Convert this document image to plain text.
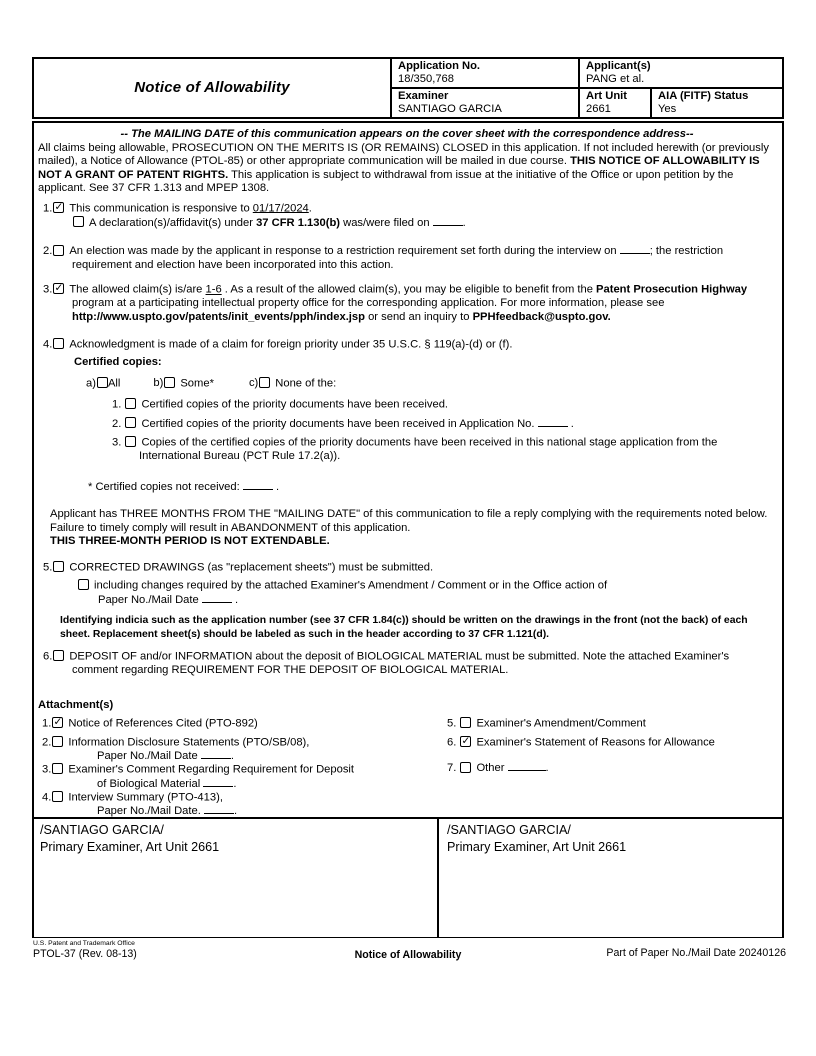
Notice of Allowability
Application No.
18/350,768
Applicant(s)
PANG et al.
Examiner
SANTIAGO GARCIA
Art Unit
2661
AIA (FITF) Status
Yes
-- The MAILING DATE of this communication appears on the cover sheet with the correspondence address--
All claims being allowable, PROSECUTION ON THE MERITS IS (OR REMAINS) CLOSED in this application. If not included herewith (or previously mailed), a Notice of Allowance (PTOL-85) or other appropriate communication will be mailed in due course. THIS NOTICE OF ALLOWABILITY IS NOT A GRANT OF PATENT RIGHTS. This application is subject to withdrawal from issue at the initiative of the Office or upon petition by the applicant. See 37 CFR 1.313 and MPEP 1308.
1. ✓ This communication is responsive to 01/17/2024.
A declaration(s)/affidavit(s) under 37 CFR 1.130(b) was/were filed on	.
2. An election was made by the applicant in response to a restriction requirement set forth during the interview on	; the restriction requirement and election have been incorporated into this action.
3. ✓ The allowed claim(s) is/are 1-6 . As a result of the allowed claim(s), you may be eligible to benefit from the Patent Prosecution Highway program at a participating intellectual property office for the corresponding application. For more information, please see http://www.uspto.gov/patents/init_events/pph/index.jsp or send an inquiry to PPHfeedback@uspto.gov.
4. Acknowledgment is made of a claim for foreign priority under 35 U.S.C. § 119(a)-(d) or (f).
Certified copies:
a) All	b) Some*	c) None of the:
1. Certified copies of the priority documents have been received.
2. Certified copies of the priority documents have been received in Application No.	.
3. Copies of the certified copies of the priority documents have been received in this national stage application from the International Bureau (PCT Rule 17.2(a)).
* Certified copies not received:	.
Applicant has THREE MONTHS FROM THE "MAILING DATE" of this communication to file a reply complying with the requirements noted below. Failure to timely comply will result in ABANDONMENT of this application.
THIS THREE-MONTH PERIOD IS NOT EXTENDABLE.
5. CORRECTED DRAWINGS (as "replacement sheets") must be submitted.
including changes required by the attached Examiner's Amendment / Comment or in the Office action of
Paper No./Mail Date	.
Identifying indicia such as the application number (see 37 CFR 1.84(c)) should be written on the drawings in the front (not the back) of each sheet. Replacement sheet(s) should be labeled as such in the header according to 37 CFR 1.121(d).
6. DEPOSIT OF and/or INFORMATION about the deposit of BIOLOGICAL MATERIAL must be submitted. Note the attached Examiner's comment regarding REQUIREMENT FOR THE DEPOSIT OF BIOLOGICAL MATERIAL.
Attachment(s)
1. ✓ Notice of References Cited (PTO-892)
2. Information Disclosure Statements (PTO/SB/08),
Paper No./Mail Date	.
3. Examiner's Comment Regarding Requirement for Deposit
of Biological Material	.
4. Interview Summary (PTO-413),
Paper No./Mail Date.	.
5. Examiner's Amendment/Comment
6. ✓ Examiner's Statement of Reasons for Allowance
7. Other	.
/SANTIAGO GARCIA/
Primary Examiner, Art Unit 2661
/SANTIAGO GARCIA/
Primary Examiner, Art Unit 2661
U.S. Patent and Trademark Office
PTOL-37 (Rev. 08-13)	Notice of Allowability	Part of Paper No./Mail Date 20240126
